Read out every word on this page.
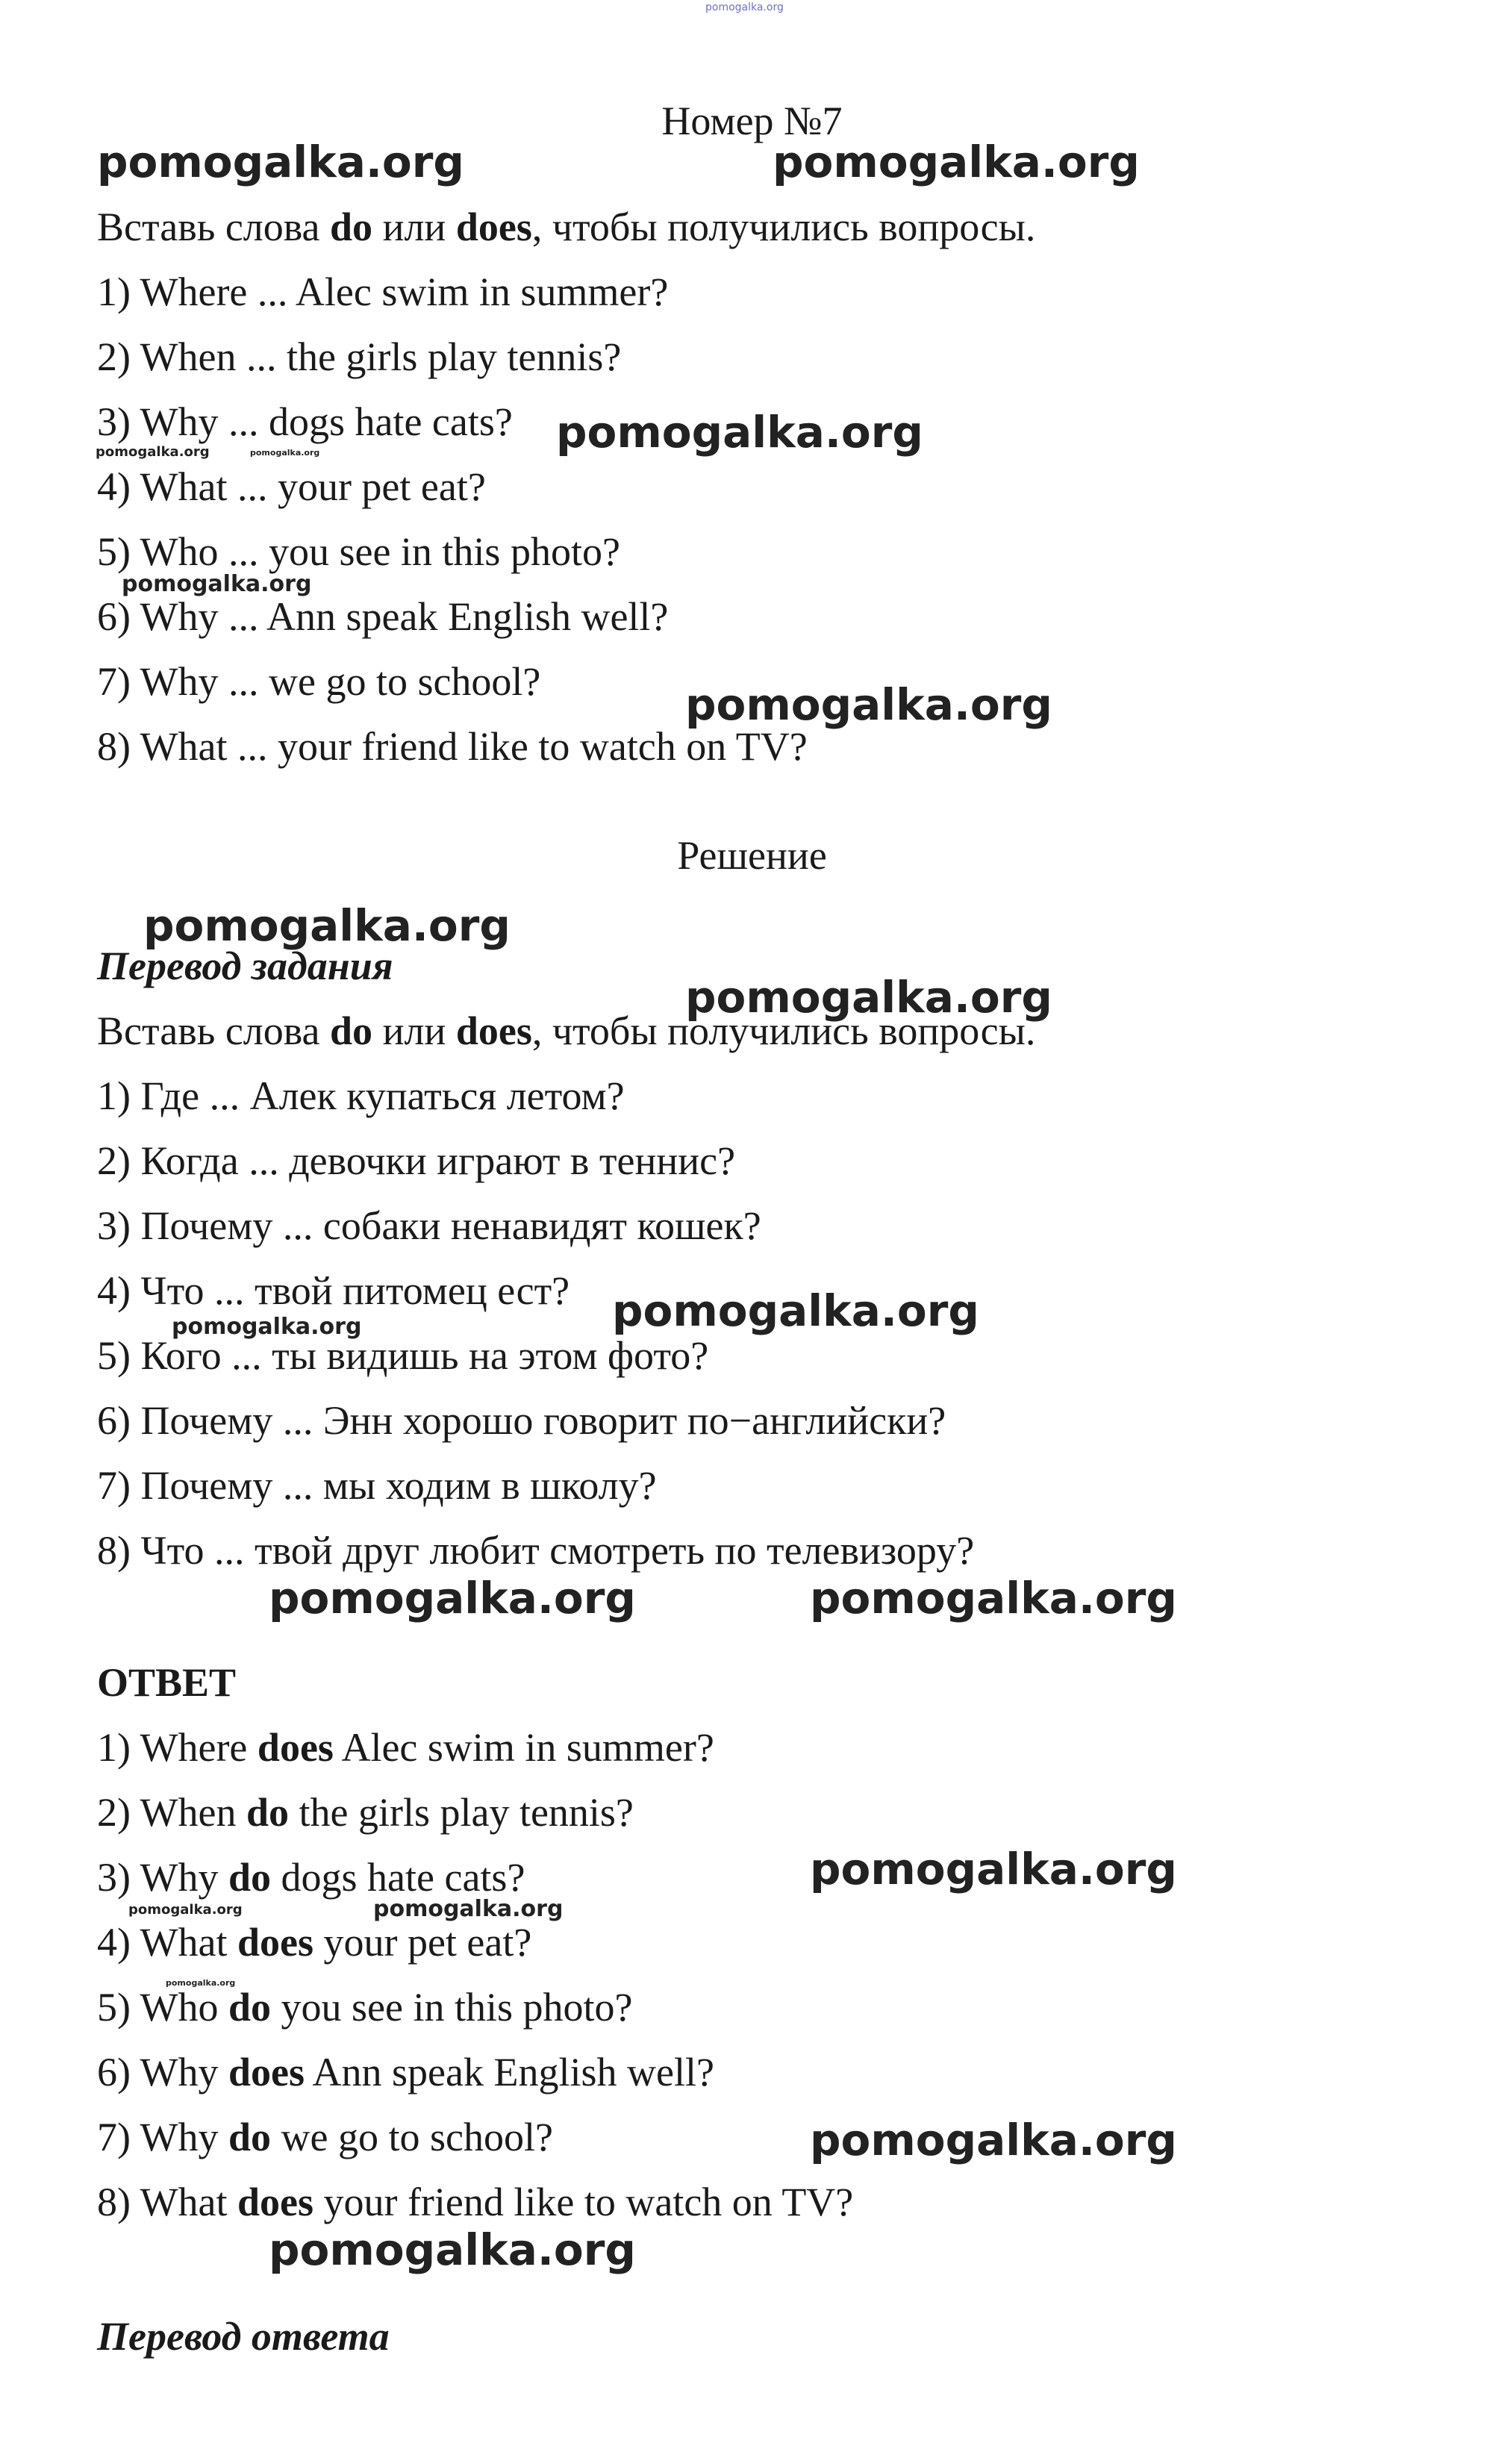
pomogalka.org
Номер №7
Вставь слова do или does, чтобы получились вопросы.
1) Where ... Alec swim in summer?
2) When ... the girls play tennis?
3) Why ... dogs hate cats?
4) What ... your pet eat?
5) Who ... you see in this photo?
6) Why ... Ann speak English well?
7) Why ... we go to school?
8) What ... your friend like to watch on TV?
Решение
Перевод задания
Вставь слова do или does, чтобы получились вопросы.
1) Где ... Алек купаться летом?
2) Когда ... девочки играют в теннис?
3) Почему ... собаки ненавидят кошек?
4) Что ... твой питомец ест?
5) Кого ... ты видишь на этом фото?
6) Почему ... Энн хорошо говорит по−английски?
7) Почему ... мы ходим в школу?
8) Что ... твой друг любит смотреть по телевизору?
ОТВЕТ
1) Where does Alec swim in summer?
2) When do the girls play tennis?
3) Why do dogs hate cats?
4) What does your pet eat?
5) Who do you see in this photo?
6) Why does Ann speak English well?
7) Why do we go to school?
8) What does your friend like to watch on TV?
Перевод ответа
pomogalka.org	pomogalka.org
pomogalka.org
pomogalka.org	pomogalka.org
pomogalka.org
pomogalka.org
pomogalka.org
pomogalka.org
pomogalka.org
pomogalka.org
pomogalka.org	pomogalka.org
pomogalka.org
pomogalka.org	pomogalka.org
pomogalka.org
pomogalka.org
pomogalka.org
